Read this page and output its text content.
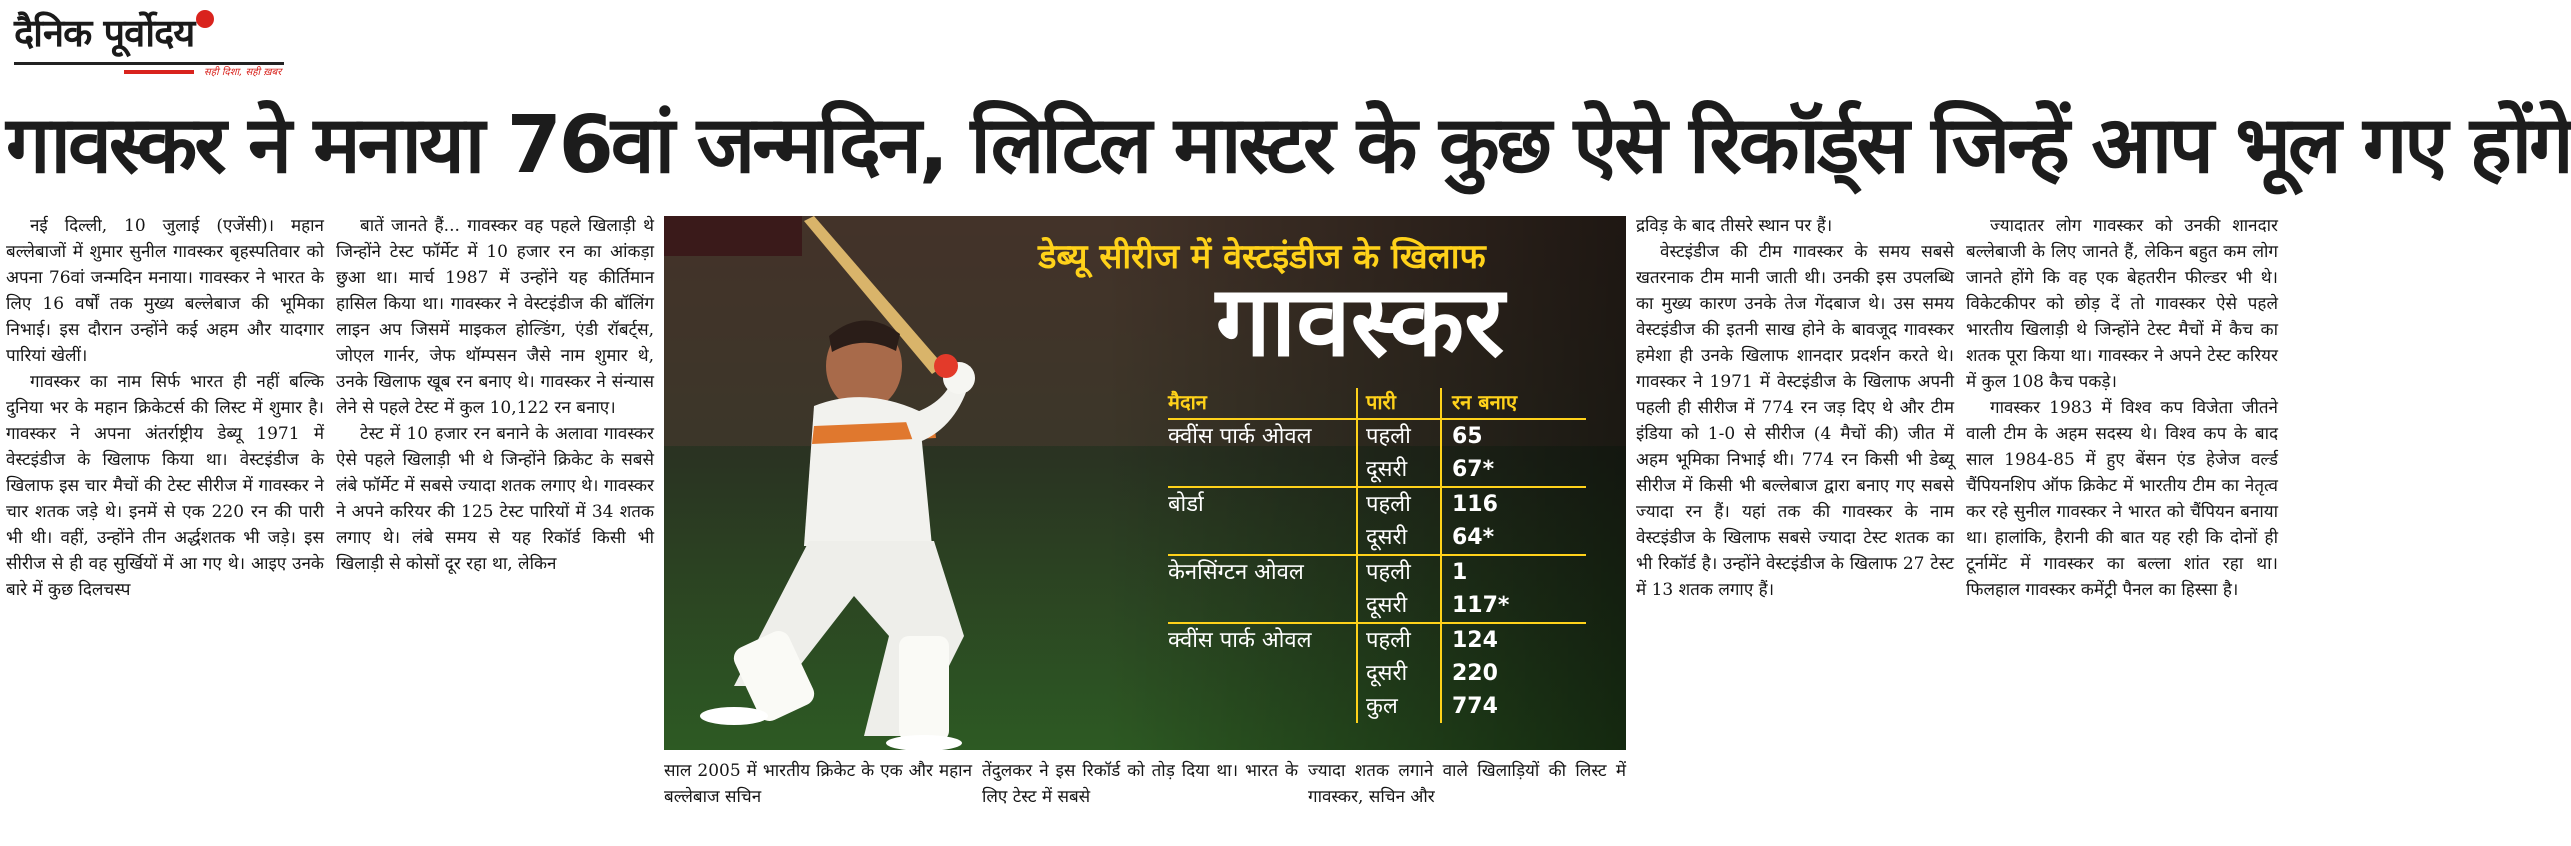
दैनिक पूर्वोदय
सही दिशा, सही ख़बर
गावस्कर ने मनाया 76वां जन्मदिन, लिटिल मास्टर के कुछ ऐसे रिकॉर्ड्स जिन्हें आप भूल गए होंगे

नई दिल्ली, 10 जुलाई (एजेंसी)। महान बल्लेबाजों में शुमार सुनील गावस्कर बृहस्पतिवार को अपना 76वां जन्मदिन मनाया। गावस्कर ने भारत के लिए 16 वर्षों तक मुख्य बल्लेबाज की भूमिका निभाई। इस दौरान उन्होंने कई अहम और यादगार पारियां खेलीं।

गावस्कर का नाम सिर्फ भारत ही नहीं बल्कि दुनिया भर के महान क्रिकेटर्स की लिस्ट में शुमार है। गावस्कर ने अपना अंतर्राष्ट्रीय डेब्यू 1971 में वेस्टइंडीज के खिलाफ किया था। वेस्टइंडीज के खिलाफ इस चार मैचों की टेस्ट सीरीज में गावस्कर ने चार शतक जड़े थे। इनमें से एक 220 रन की पारी भी थी। वहीं, उन्होंने तीन अर्द्धशतक भी जड़े। इस सीरीज से ही वह सुर्खियों में आ गए थे। आइए उनके बारे में कुछ दिलचस्प

बातें जानते हैं... गावस्कर वह पहले खिलाड़ी थे जिन्होंने टेस्ट फॉर्मेट में 10 हजार रन का आंकड़ा छुआ था। मार्च 1987 में उन्होंने यह कीर्तिमान हासिल किया था। गावस्कर ने वेस्टइंडीज की बॉलिंग लाइन अप जिसमें माइकल होल्डिंग, एंडी रॉबर्ट्स, जोएल गार्नर, जेफ थॉम्पसन जैसे नाम शुमार थे, उनके खिलाफ खूब रन बनाए थे। गावस्कर ने संन्यास लेने से पहले टेस्ट में कुल 10,122 रन बनाए।

टेस्ट में 10 हजार रन बनाने के अलावा गावस्कर ऐसे पहले खिलाड़ी भी थे जिन्होंने क्रिकेट के सबसे लंबे फॉर्मेट में सबसे ज्यादा शतक लगाए थे। गावस्कर ने अपने करियर की 125 टेस्ट पारियों में 34 शतक लगाए थे। लंबे समय से यह रिकॉर्ड किसी भी खिलाड़ी से कोसों दूर रहा था, लेकिन

डेब्यू सीरीज में वेस्टइंडीज के खिलाफ
गावस्कर
मैदान	पारी	रन बनाए
क्वींस पार्क ओवल	पहली	65
दूसरी	67*
बोर्डा	पहली	116
दूसरी	64*
केनसिंग्टन ओवल	पहली	1
दूसरी	117*
क्वींस पार्क ओवल	पहली	124
दूसरी	220
कुल	774
साल 2005 में भारतीय क्रिकेट के एक और महान बल्लेबाज सचिन
तेंदुलकर ने इस रिकॉर्ड को तोड़ दिया था। भारत के लिए टेस्ट में सबसे
ज्यादा शतक लगाने वाले खिलाड़ियों की लिस्ट में गावस्कर, सचिन और

द्रविड़ के बाद तीसरे स्थान पर हैं।

वेस्टइंडीज की टीम गावस्कर के समय सबसे खतरनाक टीम मानी जाती थी। उनकी इस उपलब्धि का मुख्य कारण उनके तेज गेंदबाज थे। उस समय वेस्टइंडीज की इतनी साख होने के बावजूद गावस्कर हमेशा ही उनके खिलाफ शानदार प्रदर्शन करते थे। गावस्कर ने 1971 में वेस्टइंडीज के खिलाफ अपनी पहली ही सीरीज में 774 रन जड़ दिए थे और टीम इंडिया को 1-0 से सीरीज (4 मैचों की) जीत में अहम भूमिका निभाई थी। 774 रन किसी भी डेब्यू सीरीज में किसी भी बल्लेबाज द्वारा बनाए गए सबसे ज्यादा रन हैं। यहां तक की गावस्कर के नाम वेस्टइंडीज के खिलाफ सबसे ज्यादा टेस्ट शतक का भी रिकॉर्ड है। उन्होंने वेस्टइंडीज के खिलाफ 27 टेस्ट में 13 शतक लगाए हैं।

ज्यादातर लोग गावस्कर को उनकी शानदार बल्लेबाजी के लिए जानते हैं, लेकिन बहुत कम लोग जानते होंगे कि वह एक बेहतरीन फील्डर भी थे। विकेटकीपर को छोड़ दें तो गावस्कर ऐसे पहले भारतीय खिलाड़ी थे जिन्होंने टेस्ट मैचों में कैच का शतक पूरा किया था। गावस्कर ने अपने टेस्ट करियर में कुल 108 कैच पकड़े।

गावस्कर 1983 में विश्व कप विजेता जीतने वाली टीम के अहम सदस्य थे। विश्व कप के बाद साल 1984-85 में हुए बेंसन एंड हेजेज वर्ल्ड चैंपियनशिप ऑफ क्रिकेट में भारतीय टीम का नेतृत्व कर रहे सुनील गावस्कर ने भारत को चैंपियन बनाया था। हालांकि, हैरानी की बात यह रही कि दोनों ही टूर्नामेंट में गावस्कर का बल्ला शांत रहा था। फिलहाल गावस्कर कमेंट्री पैनल का हिस्सा है।
